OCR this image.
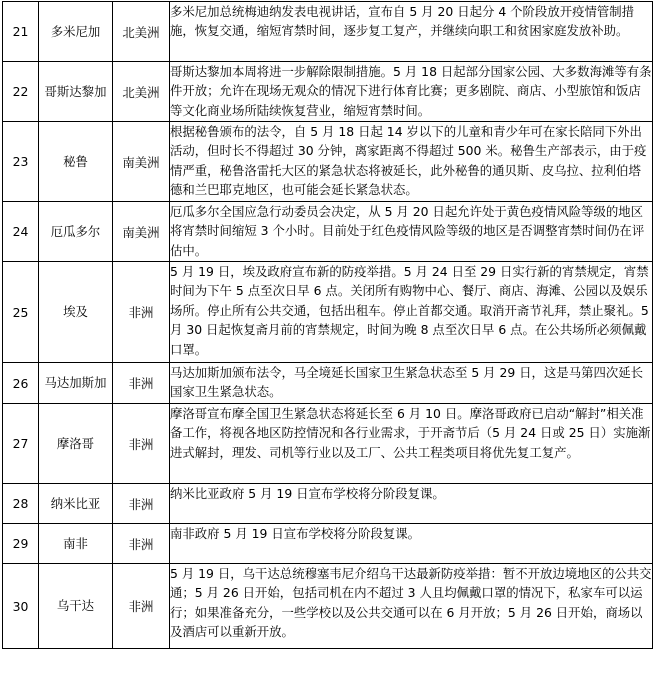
21	多米尼加	北美洲	多米尼加总统梅迪纳发表电视讲话，宣布自 5 月 20 日起分 4 个阶段放开疫情管制措施，恢复交通，缩短宵禁时间，逐步复工复产，并继续向职工和贫困家庭发放补助。
22	哥斯达黎加	北美洲	哥斯达黎加本周将进一步解除限制措施。5 月 18 日起部分国家公园、大多数海滩等有条件开放；允许在现场无观众的情况下进行体育比赛；更多剧院、商店、小型旅馆和饭店等文化商业场所陆续恢复营业，缩短宵禁时间。
23	秘鲁	南美洲	根据秘鲁颁布的法令，自 5 月 18 日起 14 岁以下的儿童和青少年可在家长陪同下外出活动，但时长不得超过 30 分钟，离家距离不得超过 500 米。秘鲁生产部表示，由于疫情严重，秘鲁洛雷托大区的紧急状态将被延长，此外秘鲁的通贝斯、皮乌拉、拉利伯塔德和兰巴耶克地区，也可能会延长紧急状态。
24	厄瓜多尔	南美洲	厄瓜多尔全国应急行动委员会决定，从 5 月 20 日起允许处于黄色疫情风险等级的地区将宵禁时间缩短 3 个小时。目前处于红色疫情风险等级的地区是否调整宵禁时间仍在评估中。
25	埃及	非洲	5 月 19 日，埃及政府宣布新的防疫举措。5 月 24 日至 29 日实行新的宵禁规定，宵禁时间为下午 5 点至次日早 6 点。关闭所有购物中心、餐厅、商店、海滩、公园以及娱乐场所。停止所有公共交通，包括出租车。停止首都交通。取消开斋节礼拜，禁止聚礼。5 月 30 日起恢复斋月前的宵禁规定，时间为晚 8 点至次日早 6 点。在公共场所必须佩戴口罩。
26	马达加斯加	非洲	马达加斯加颁布法令，马全境延长国家卫生紧急状态至 5 月 29 日，这是马第四次延长国家卫生紧急状态。
27	摩洛哥	非洲	摩洛哥宣布摩全国卫生紧急状态将延长至 6 月 10 日。摩洛哥政府已启动“解封”相关准备工作，将视各地区防控情况和各行业需求，于开斋节后（5 月 24 日或 25 日）实施渐进式解封，理发、司机等行业以及工厂、公共工程类项目将优先复工复产。
28	纳米比亚	非洲	纳米比亚政府 5 月 19 日宣布学校将分阶段复课。
29	南非	非洲	南非政府 5 月 19 日宣布学校将分阶段复课。
30	乌干达	非洲	5 月 19 日，乌干达总统穆塞韦尼介绍乌干达最新防疫举措：暂不开放边境地区的公共交通；5 月 26 日开始，包括司机在内不超过 3 人且均佩戴口罩的情况下，私家车可以运行；如果准备充分，一些学校以及公共交通可以在 6 月开放；5 月 26 日开始，商场以及酒店可以重新开放。
